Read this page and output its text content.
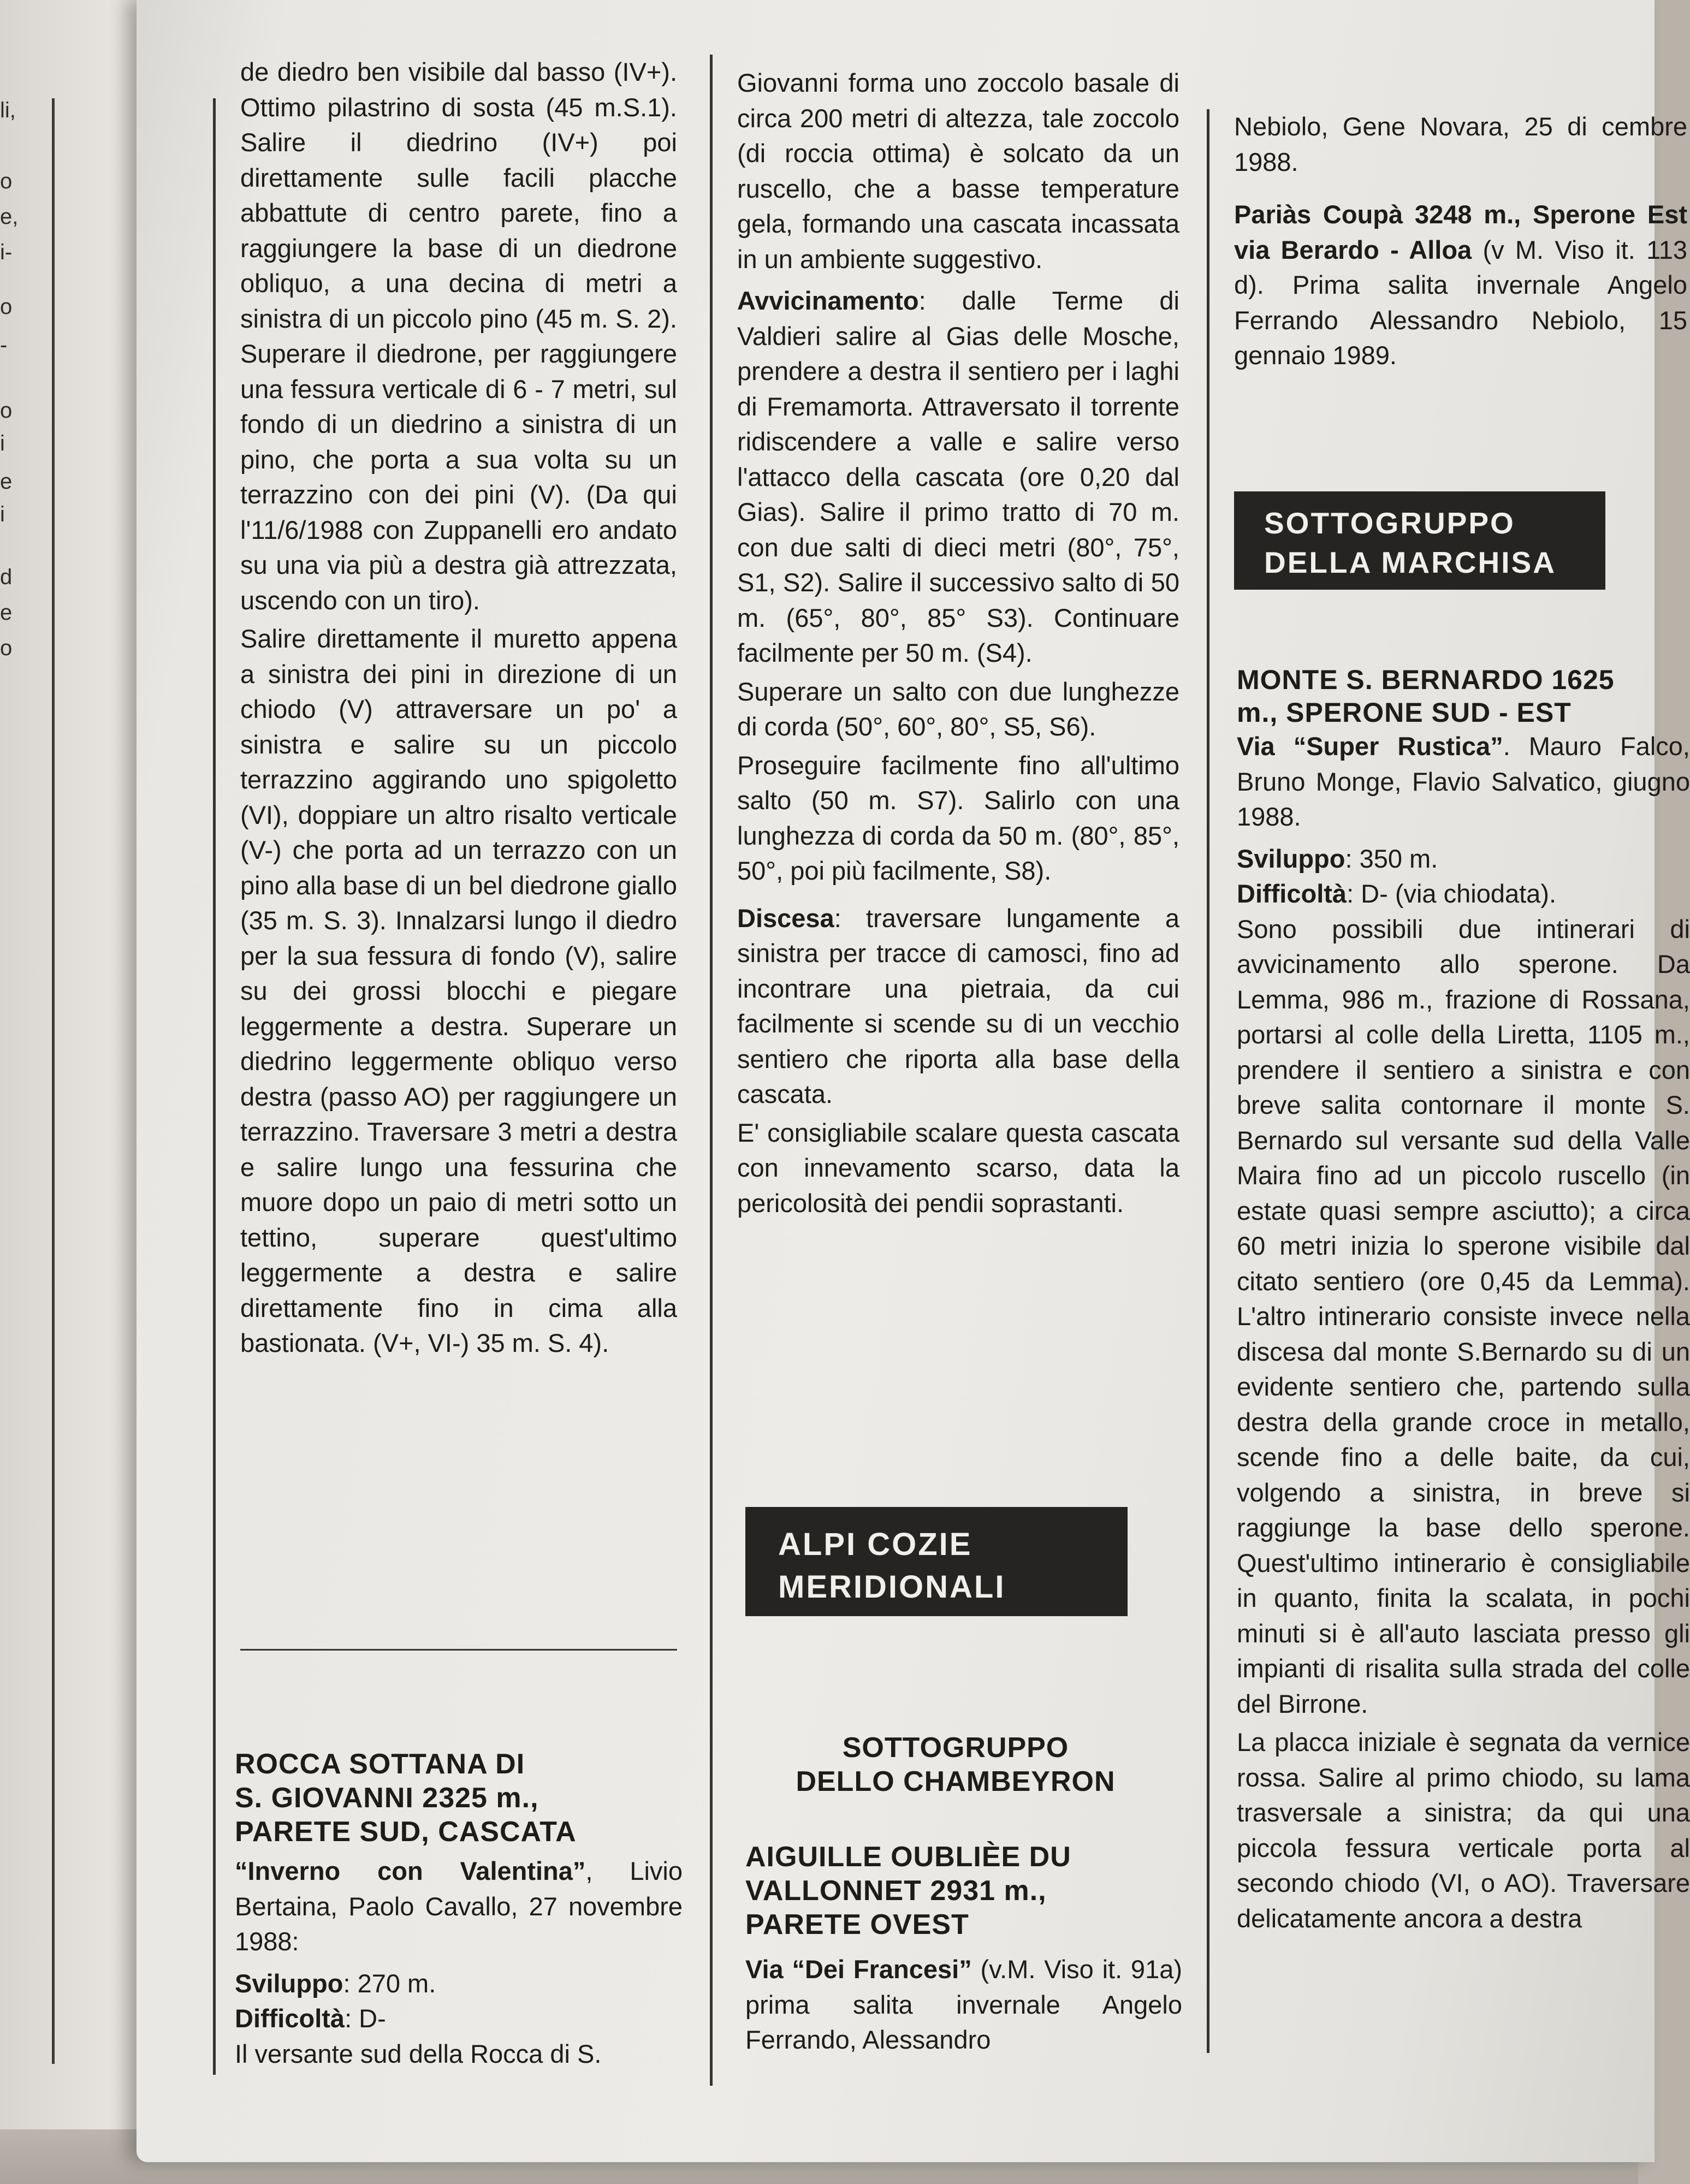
li,
o
e,
i-
o
-
o
i
e
i
d
e
o

de diedro ben visibile dal basso (IV+). Ottimo pilastrino di sosta (45 m.S.1). Salire il diedrino (IV+) poi direttamente sulle facili placche abbattute di centro parete, fino a raggiungere la base di un diedrone obliquo, a una decina di metri a sinistra di un piccolo pino (45 m. S. 2). Superare il diedrone, per raggiungere una fessura verticale di 6 - 7 metri, sul fondo di un diedrino a sinistra di un pino, che porta a sua volta su un terrazzino con dei pini (V). (Da qui l'11/6/1988 con Zuppanelli ero andato su una via più a destra già attrezzata, uscendo con un tiro).

Salire direttamente il muretto appena a sinistra dei pini in direzione di un chiodo (V) attraversare un po' a sinistra e salire su un piccolo terrazzino aggirando uno spigoletto (VI), doppiare un altro risalto verticale (V-) che porta ad un terrazzo con un pino alla base di un bel diedrone giallo (35 m. S. 3). Innalzarsi lungo il diedro per la sua fessura di fondo (V), salire su dei grossi blocchi e piegare leggermente a destra. Superare un diedrino leggermente obliquo verso destra (passo AO) per raggiungere un terrazzino. Traversare 3 metri a destra e salire lungo una fessurina che muore dopo un paio di metri sotto un tettino, superare quest'ultimo leggermente a destra e salire direttamente fino in cima alla bastionata. (V+, VI-) 35 m. S. 4).

ROCCA SOTTANA DI
S. GIOVANNI 2325 m.,
PARETE SUD, CASCATA

“Inverno con Valentina”, Livio Bertaina, Paolo Cavallo, 27 novembre 1988:

Sviluppo: 270 m.

Difficoltà: D-

Il versante sud della Rocca di S.

Giovanni forma uno zoccolo basale di circa 200 metri di altezza, tale zoccolo (di roccia ottima) è solcato da un ruscello, che a basse temperature gela, formando una cascata incassata in un ambiente suggestivo.

Avvicinamento: dalle Terme di Valdieri salire al Gias delle Mosche, prendere a destra il sentiero per i laghi di Fremamorta. Attraversato il torrente ridiscendere a valle e salire verso l'attacco della cascata (ore 0,20 dal Gias). Salire il primo tratto di 70 m. con due salti di dieci metri (80°, 75°, S1, S2). Salire il successivo salto di 50 m. (65°, 80°, 85° S3). Continuare facilmente per 50 m. (S4).

Superare un salto con due lunghezze di corda (50°, 60°, 80°, S5, S6).

Proseguire facilmente fino all'ultimo salto (50 m. S7). Salirlo con una lunghezza di corda da 50 m. (80°, 85°, 50°, poi più facilmente, S8).

Discesa: traversare lungamente a sinistra per tracce di camosci, fino ad incontrare una pietraia, da cui facilmente si scende su di un vecchio sentiero che riporta alla base della cascata.

E' consigliabile scalare questa cascata con innevamento scarso, data la pericolosità dei pendii soprastanti.

ALPI COZIE
MERIDIONALI
SOTTOGRUPPO
DELLO CHAMBEYRON
AIGUILLE OUBLIÈE DU
VALLONNET 2931 m.,
PARETE OVEST

Via “Dei Francesi” (v.M. Viso it. 91a) prima salita invernale Angelo Ferrando, Alessandro

Nebiolo, Gene Novara, 25 di cembre 1988.

Pariàs Coupà 3248 m., Sperone Est via Berardo - Alloa (v M. Viso it. 113 d). Prima salita invernale Angelo Ferrando Alessandro Nebiolo, 15 gennaio 1989.

SOTTOGRUPPO
DELLA MARCHISA
MONTE S. BERNARDO 1625
m., SPERONE SUD - EST

Via “Super Rustica”. Mauro Falco, Bruno Monge, Flavio Salvatico, giugno 1988.

Sviluppo: 350 m.

Difficoltà: D- (via chiodata).

Sono possibili due intinerari di avvicinamento allo sperone. Da Lemma, 986 m., frazione di Rossana, portarsi al colle della Liretta, 1105 m., prendere il sentiero a sinistra e con breve salita contornare il monte S. Bernardo sul versante sud della Valle Maira fino ad un piccolo ruscello (in estate quasi sempre asciutto); a circa 60 metri inizia lo sperone visibile dal citato sentiero (ore 0,45 da Lemma). L'altro intinerario consiste invece nella discesa dal monte S.Bernardo su di un evidente sentiero che, partendo sulla destra della grande croce in metallo, scende fino a delle baite, da cui, volgendo a sinistra, in breve si raggiunge la base dello sperone. Quest'ultimo intinerario è consigliabile in quanto, finita la scalata, in pochi minuti si è all'auto lasciata presso gli impianti di risalita sulla strada del colle del Birrone.

La placca iniziale è segnata da vernice rossa. Salire al primo chiodo, su lama trasversale a sinistra; da qui una piccola fessura verticale porta al secondo chiodo (VI, o AO). Traversare delicatamente ancora a destra
